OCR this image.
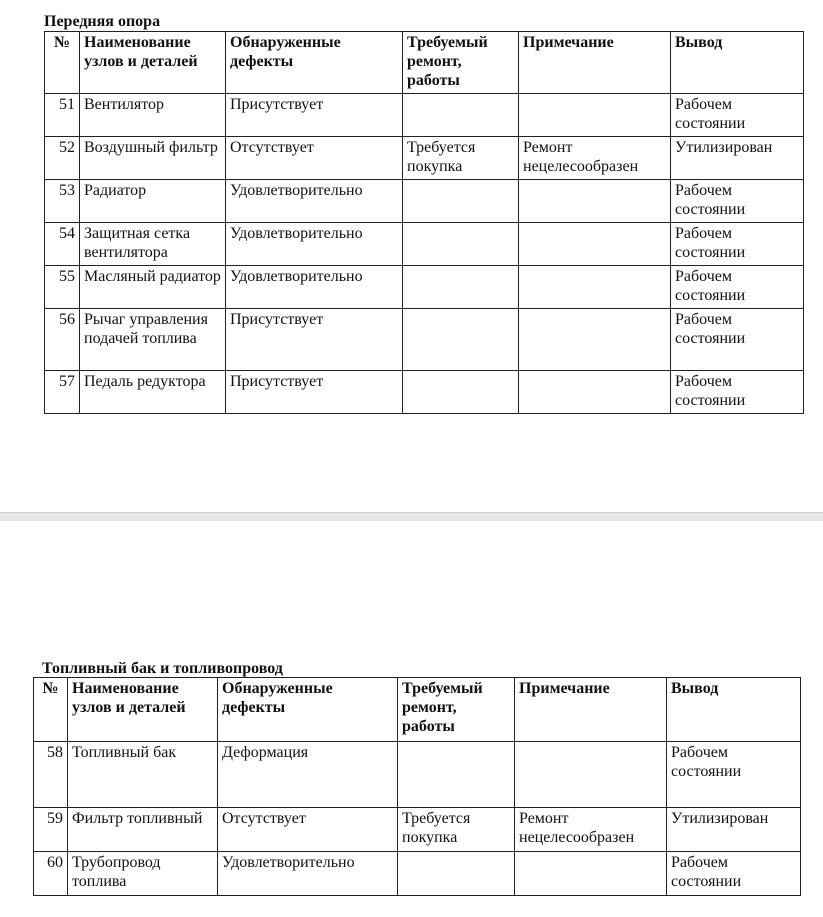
Передняя опора
№	Наименование узлов и деталей	Обнаруженные дефекты	Требуемый ремонт, работы	Примечание	Вывод
51	Вентилятор	Присутствует			Рабочем состоянии
52	Воздушный фильтр	Отсутствует	Требуется покупка	Ремонт нецелесообразен	Утилизирован
53	Радиатор	Удовлетворительно			Рабочем состоянии
54	Защитная сетка вентилятора	Удовлетворительно			Рабочем состоянии
55	Масляный радиатор	Удовлетворительно			Рабочем состоянии
56	Рычаг управления подачей топлива	Присутствует			Рабочем состоянии
57	Педаль редуктора	Присутствует			Рабочем состоянии
Топливный бак и топливопровод
№	Наименование узлов и деталей	Обнаруженные дефекты	Требуемый ремонт, работы	Примечание	Вывод
58	Топливный бак	Деформация			Рабочем состоянии
59	Фильтр топливный	Отсутствует	Требуется покупка	Ремонт нецелесообразен	Утилизирован
60	Трубопровод топлива	Удовлетворительно			Рабочем состоянии
